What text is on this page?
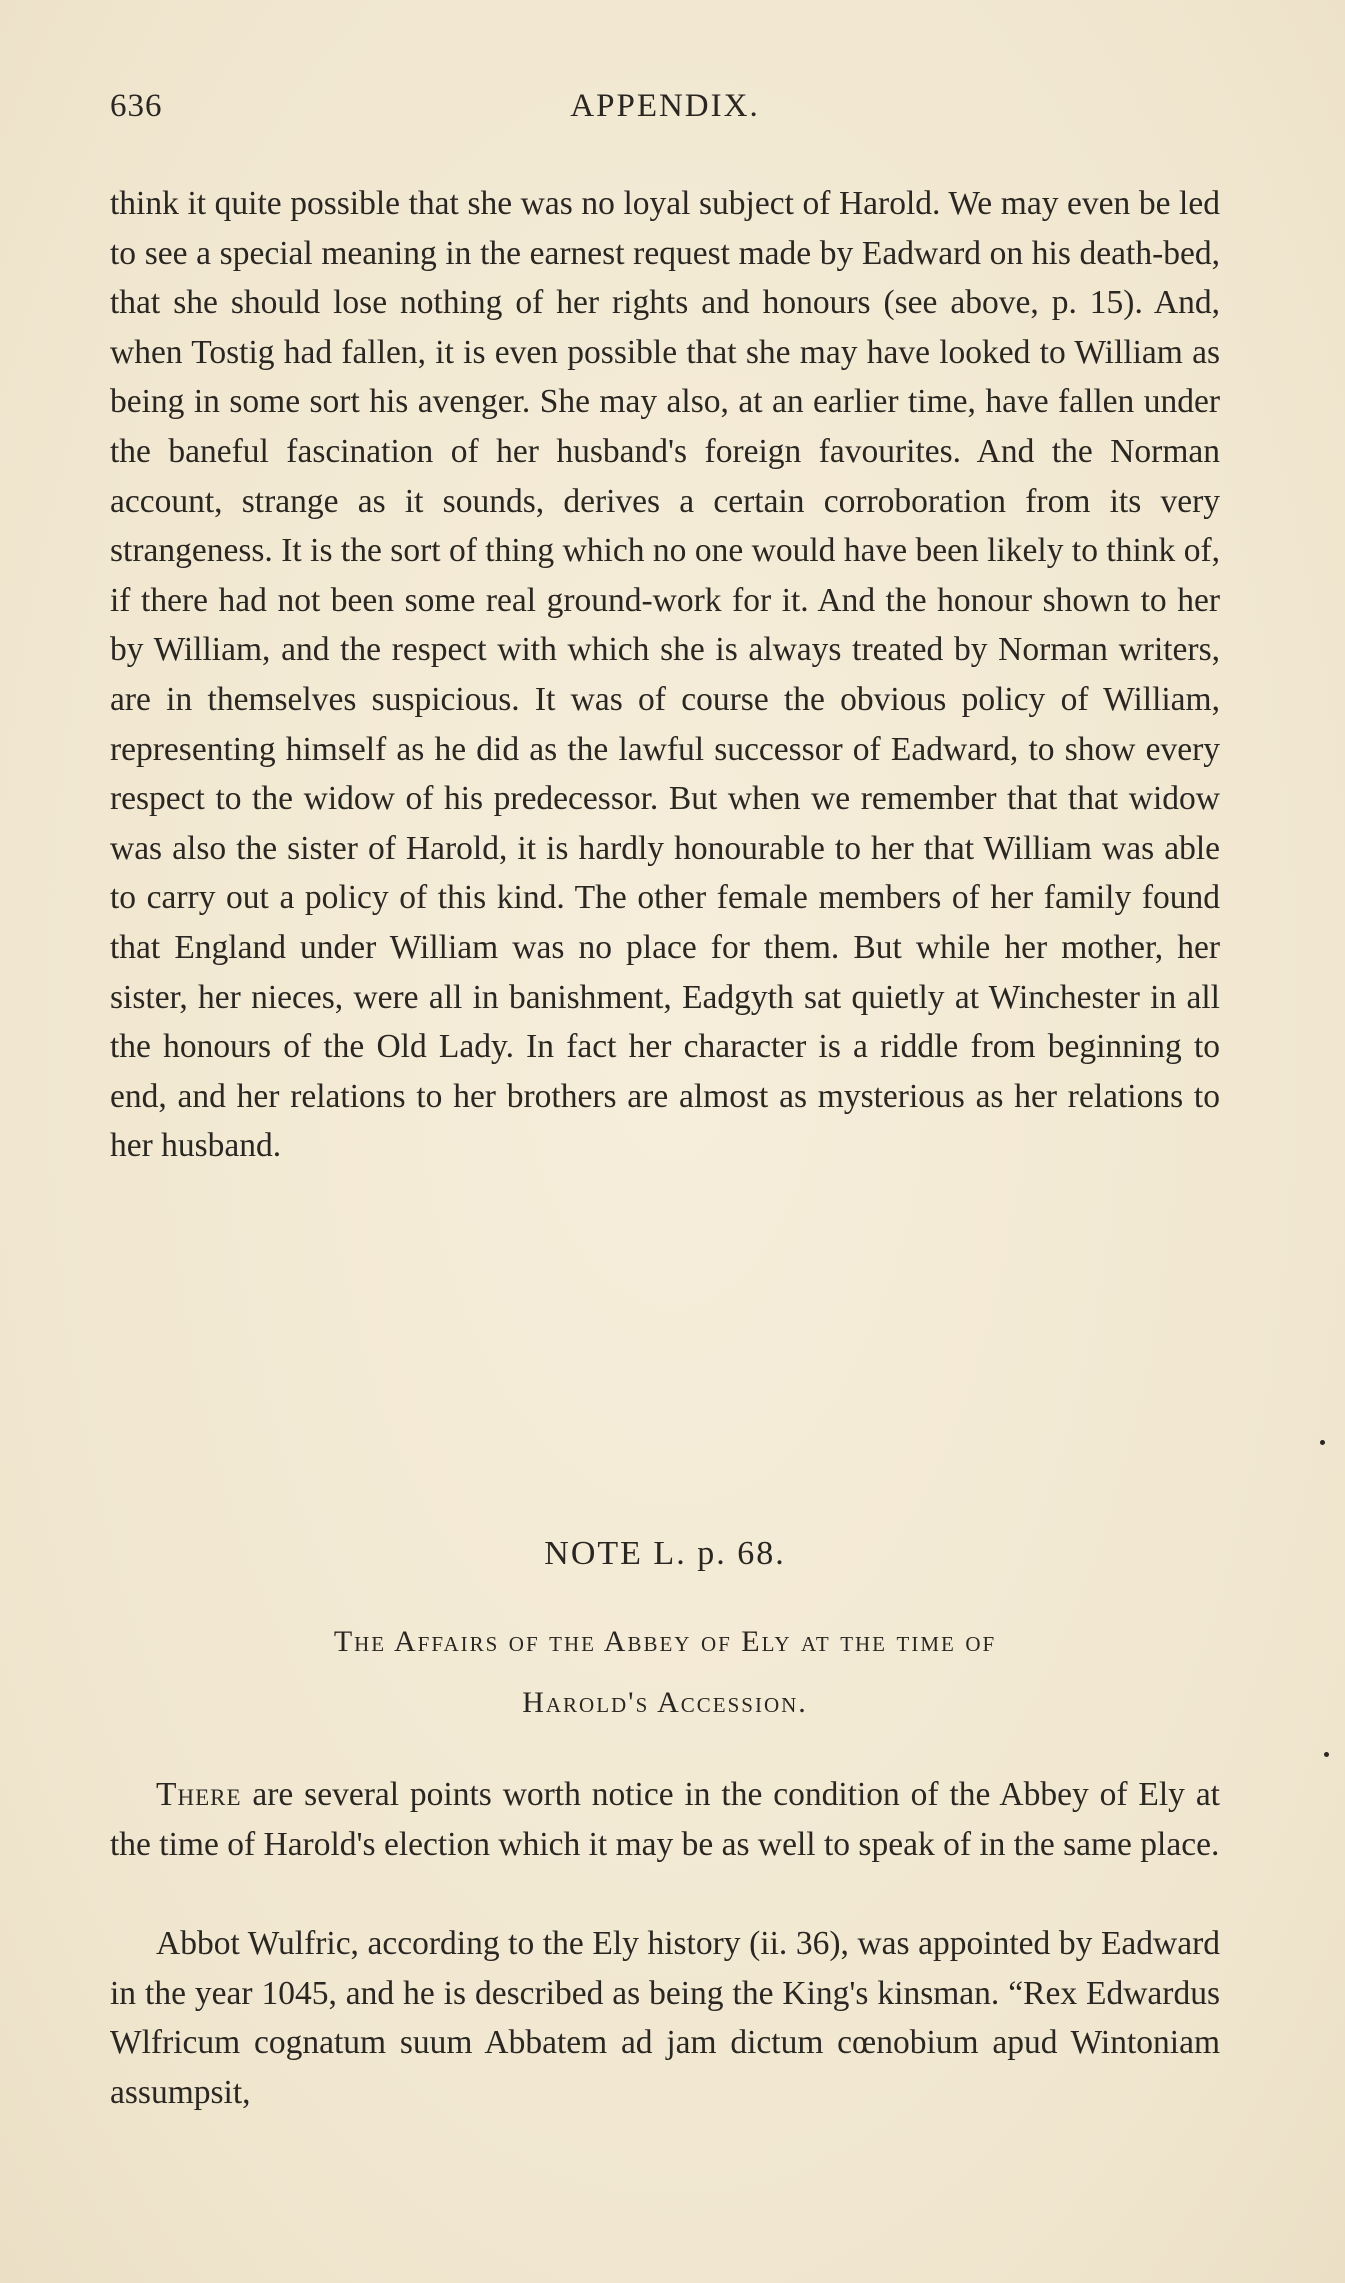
636	APPENDIX.
think it quite possible that she was no loyal subject of Harold. We may even be led to see a special meaning in the earnest request made by Eadward on his death-bed, that she should lose nothing of her rights and honours (see above, p. 15). And, when Tostig had fallen, it is even possible that she may have looked to William as being in some sort his avenger. She may also, at an earlier time, have fallen under the baneful fascination of her husband's foreign favourites. And the Norman account, strange as it sounds, derives a certain corroboration from its very strangeness. It is the sort of thing which no one would have been likely to think of, if there had not been some real ground-work for it. And the honour shown to her by William, and the respect with which she is always treated by Norman writers, are in themselves suspicious. It was of course the obvious policy of William, representing himself as he did as the lawful successor of Eadward, to show every respect to the widow of his predecessor. But when we remember that that widow was also the sister of Harold, it is hardly honourable to her that William was able to carry out a policy of this kind. The other female members of her family found that England under William was no place for them. But while her mother, her sister, her nieces, were all in banishment, Eadgyth sat quietly at Winchester in all the honours of the Old Lady. In fact her character is a riddle from beginning to end, and her relations to her brothers are almost as mysterious as her relations to her husband.
NOTE L. p. 68.
The Affairs of the Abbey of Ely at the time of
Harold's Accession.
There are several points worth notice in the condition of the Abbey of Ely at the time of Harold's election which it may be as well to speak of in the same place.
Abbot Wulfric, according to the Ely history (ii. 36), was appointed by Eadward in the year 1045, and he is described as being the King's kinsman. “Rex Edwardus Wlfricum cognatum suum Abbatem ad jam dictum cœnobium apud Wintoniam assumpsit,
